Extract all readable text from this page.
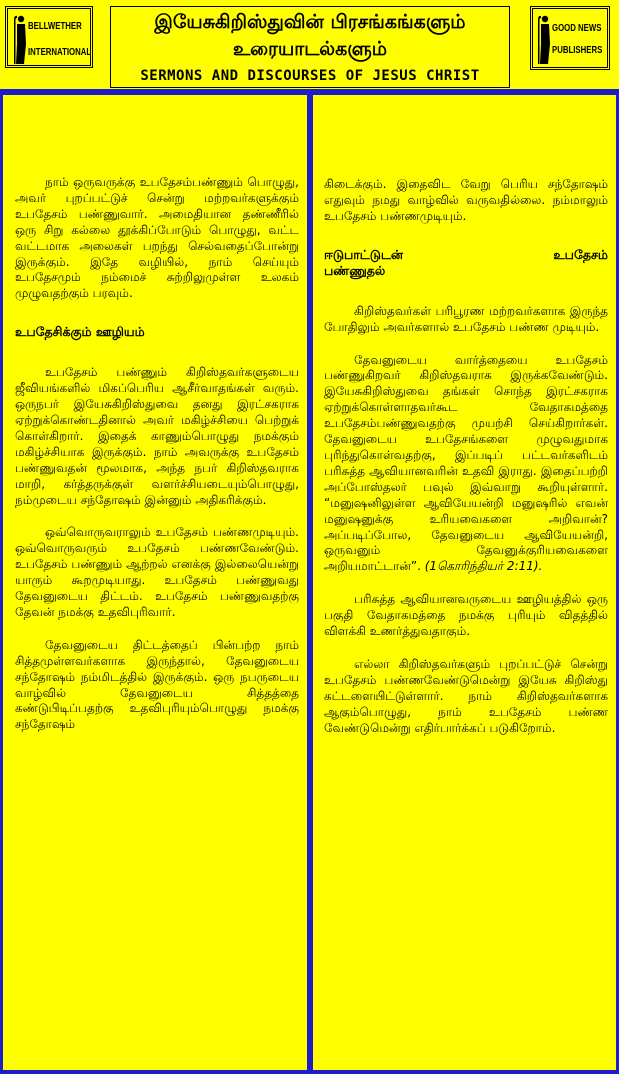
BELLWETHER
INTERNATIONAL
இயேசுகிறிஸ்துவின் பிரசங்கங்களும்
உரையாடல்களும்
SERMONS AND DISCOURSES OF JESUS CHRIST
GOOD NEWS
PUBLISHERS

நாம் ஒருவருக்கு உபதேசம்பண்ணும் பொழுது, அவர் புறப்பட்டுச் சென்று மற்றவர்களுக்கும் உபதேசம் பண்ணுவார். அமைதியான தண்ணீரில் ஒரு சிறு கல்லை தூக்கிப்போடும் பொழுது, வட்ட வட்டமாக அலைகள் பறந்து செல்வதைப்போன்று இருக்கும். இதே வழியில், நாம் செய்யும் உபதேசமும் நம்மைச் சுற்றிலுமுள்ள உலகம் முழுவதற்கும் பரவும்.

உபதேசிக்கும் ஊழியம்

உபதேசம் பண்ணும் கிறிஸ்தவர்களுடைய ஜீவியங்களில் மிகப்பெரிய ஆசீர்வாதங்கள் வரும். ஒருநபர் இயேசுகிறிஸ்துவை தனது இரட்சகராக ஏற்றுக்கொண்டதினால் அவர் மகிழ்ச்சியை பெற்றுக் கொள்கிறார். இதைக் காணும்பொழுது நமக்கும் மகிழ்ச்சியாக இருக்கும். நாம் அவருக்கு உபதேசம் பண்ணுவதன் மூலமாக, அந்த நபர் கிறிஸ்தவராக மாறி, கர்த்தருக்குள் வளர்ச்சியடையும்பொழுது, நம்முடைய சந்தோஷம் இன்னும் அதிகரிக்கும்.

ஒவ்வொருவராலும் உபதேசம் பண்ணமுடியும். ஒவ்வொருவரும் உபதேசம் பண்ணவேண்டும். உபதேசம் பண்ணும் ஆற்றல் எனக்கு இல்லையென்று யாரும் கூறமுடியாது. உபதேசம் பண்ணுவது தேவனுடைய திட்டம். உபதேசம் பண்ணுவதற்கு தேவன் நமக்கு உதவிபுரிவார்.

தேவனுடைய திட்டத்தைப் பின்பற்ற நாம் சித்தமுள்ளவர்களாக இருந்தால், தேவனுடைய சந்தோஷம் நம்மிடத்தில் இருக்கும். ஒரு நபருடைய வாழ்வில் தேவனுடைய சித்தத்தை கண்டுபிடிப்பதற்கு உதவிபுரியும்பொழுது நமக்கு சந்தோஷம்

கிடைக்கும். இதைவிட வேறு பெரிய சந்தோஷம் எதுவும் நமது வாழ்வில் வருவதில்லை. நம்மாலும் உபதேசம் பண்ணமுடியும்.

ஈடுபாட்டுடன் உபதேசம்
பண்ணுதல்

கிறிஸ்தவர்கள் பரிபூரண மற்றவர்களாக இருந்த போதிலும் அவர்களால் உபதேசம் பண்ண முடியும்.

தேவனுடைய வார்த்தையை உபதேசம் பண்ணுகிறவர் கிறிஸ்தவராக இருக்கவேண்டும். இயேசுகிறிஸ்துவை தங்கள் சொந்த இரட்சகராக ஏற்றுக்கொள்ளாதவர்கூட வேதாகமத்தை உபதேசம்பண்ணுவதற்கு முயற்சி செய்கிறார்கள். தேவனுடைய உபதேசங்களை முழுவதுமாக புரிந்துகொள்வதற்கு, இப்படிப் பட்டவர்களிடம் பரிசுத்த ஆவியானவரின் உதவி இராது. இதைப்பற்றி அப்போஸ்தலர் பவுல் இவ்வாறு கூறியுள்ளார். “மனுஷனிலுள்ள ஆவியேயன்றி மனுஷரில் எவன் மனுஷனுக்கு உரியவைகளை அறிவான்? அப்படிப்போல, தேவனுடைய ஆவியேயன்றி, ஒருவனும் தேவனுக்குரியவைகளை அறியமாட்டான்”. (1கொரிந்தியர் 2:11).

பரிசுத்த ஆவியானவருடைய ஊழியத்தில் ஒரு பகுதி வேதாகமத்தை நமக்கு புரியும் விதத்தில் விளக்கி உணர்த்துவதாகும்.

எல்லா கிறிஸ்தவர்களும் புறப்பட்டுச் சென்று உபதேசம் பண்ணவேண்டுமென்று இயேசு கிறிஸ்து கட்டளையிட்டுள்ளார். நாம் கிறிஸ்தவர்களாக ஆகும்பொழுது, நாம் உபதேசம் பண்ண வேண்டுமென்று எதிர்பார்க்கப் படுகிறோம்.
